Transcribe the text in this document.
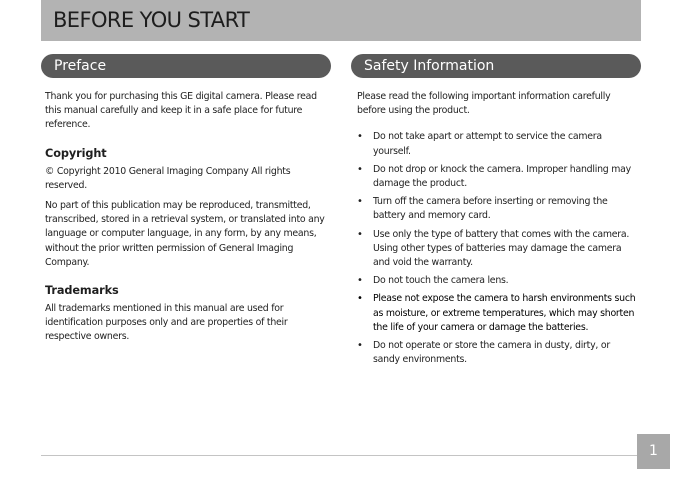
BEFORE YOU START
Preface	Safety Information

Thank you for purchasing this GE digital camera. Please read this manual carefully and keep it in a safe place for future reference.

Copyright

© Copyright 2010 General Imaging Company All rights reserved.

No part of this publication may be reproduced, transmitted, transcribed, stored in a retrieval system, or translated into any language or computer language, in any form, by any means, without the prior written permission of General Imaging Company.

Trademarks

All trademarks mentioned in this manual are used for identification purposes only and are properties of their respective owners.

Please read the following important information carefully before using the product.

• Do not take apart or attempt to service the camera yourself.
• Do not drop or knock the camera. Improper handling may damage the product.
• Turn off the camera before inserting or removing the battery and memory card.
• Use only the type of battery that comes with the camera. Using other types of batteries may damage the camera and void the warranty.
• Do not touch the camera lens.
• Please not expose the camera to harsh environments such as moisture, or extreme temperatures, which may shorten the life of your camera or damage the batteries.
• Do not operate or store the camera in dusty, dirty, or sandy environments.
1
